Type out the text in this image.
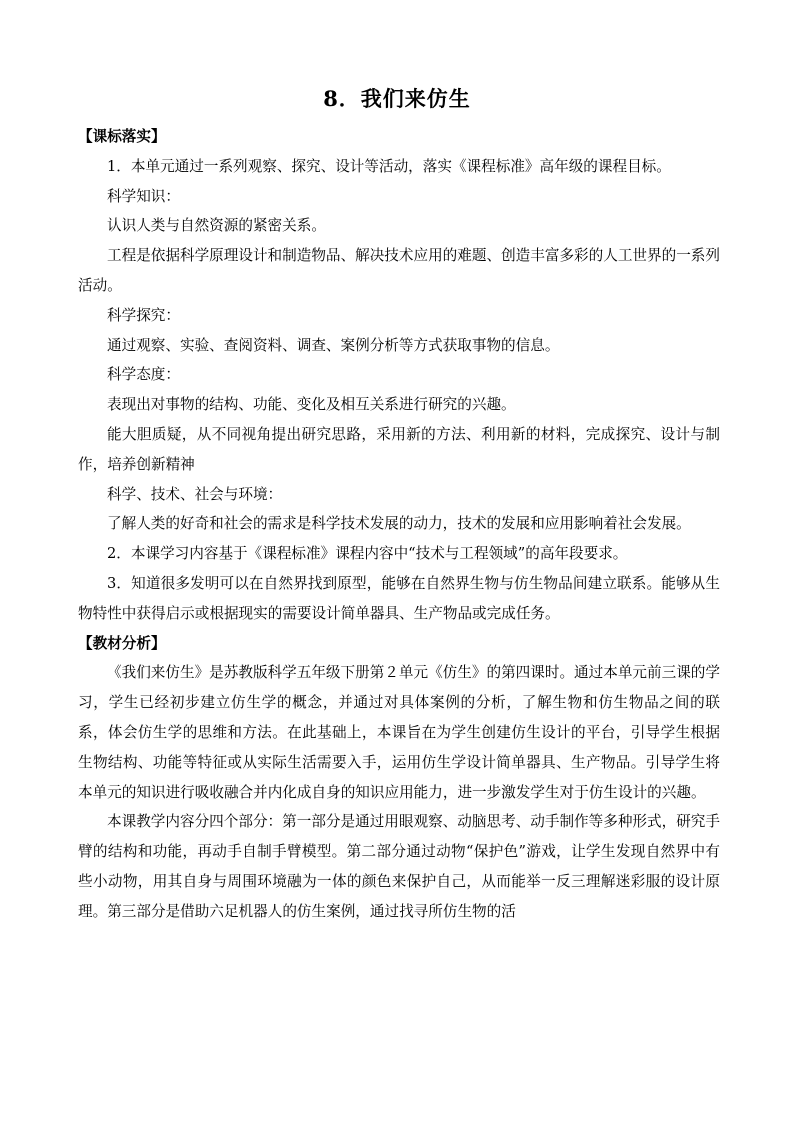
8．我们来仿生

【课标落实】

1．本单元通过一系列观察、探究、设计等活动，落实《课程标准》高年级的课程目标。

科学知识：

认识人类与自然资源的紧密关系。

工程是依据科学原理设计和制造物品、解决技术应用的难题、创造丰富多彩的人工世界的一系列活动。

科学探究：

通过观察、实验、查阅资料、调查、案例分析等方式获取事物的信息。

科学态度：

表现出对事物的结构、功能、变化及相互关系进行研究的兴趣。

能大胆质疑，从不同视角提出研究思路，采用新的方法、利用新的材料，完成探究、设计与制作，培养创新精神

科学、技术、社会与环境：

了解人类的好奇和社会的需求是科学技术发展的动力，技术的发展和应用影响着社会发展。

2．本课学习内容基于《课程标准》课程内容中“技术与工程领域”的高年段要求。

3．知道很多发明可以在自然界找到原型，能够在自然界生物与仿生物品间建立联系。能够从生物特性中获得启示或根据现实的需要设计简单器具、生产物品或完成任务。

【教材分析】

《我们来仿生》是苏教版科学五年级下册第２单元《仿生》的第四课时。通过本单元前三课的学习，学生已经初步建立仿生学的概念，并通过对具体案例的分析，了解生物和仿生物品之间的联系，体会仿生学的思维和方法。在此基础上，本课旨在为学生创建仿生设计的平台，引导学生根据生物结构、功能等特征或从实际生活需要入手，运用仿生学设计简单器具、生产物品。引导学生将本单元的知识进行吸收融合并内化成自身的知识应用能力，进一步激发学生对于仿生设计的兴趣。

本课教学内容分四个部分：第一部分是通过用眼观察、动脑思考、动手制作等多种形式，研究手臂的结构和功能，再动手自制手臂模型。第二部分通过动物“保护色”游戏，让学生发现自然界中有些小动物，用其自身与周围环境融为一体的颜色来保护自己，从而能举一反三理解迷彩服的设计原理。第三部分是借助六足机器人的仿生案例，通过找寻所仿生物的活
